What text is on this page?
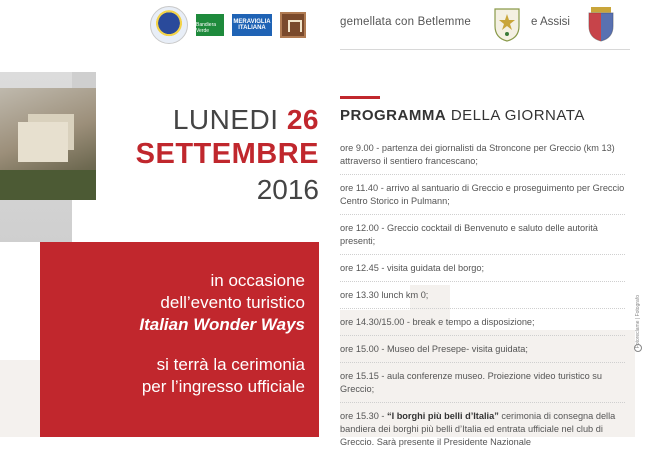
Bandiera Verde
MERAVIGLIA ITALIANA	gemellata con Betlemme	e Assisi
LUNEDI 26
SETTEMBRE
2016
in occasione
dell’evento turistico
Italian Wonder Ways
si terrà la cerimonia
per l’ingresso ufficiale
PROGRAMMA DELLA GIORNATA
ore 9.00 - partenza dei giornalisti da Stroncone per Greccio (km 13) attraverso il sentiero francescano;
ore 11.40 - arrivo al santuario di Greccio e proseguimento per Greccio Centro Storico in Pulmann;
ore 12.00 - Greccio cocktail di Benvenuto e saluto delle autorità presenti;
ore 12.45 - visita guidata del borgo;
ore 13.30 lunch km 0;
ore 14.30/15.00 - break e tempo a disposizione;
ore 15.00 - Museo del Presepe- visita guidata;
ore 15.15 - aula conferenze museo. Proiezione video turistico su Greccio;
ore 15.30 - “I borghi più belli d’Italia” cerimonia di consegna della bandiera dei borghi più belli d’Italia ed entrata ufficiale nel club di Greccio. Sarà presente il Presidente Nazionale
Fotoreclame | Fotografo
